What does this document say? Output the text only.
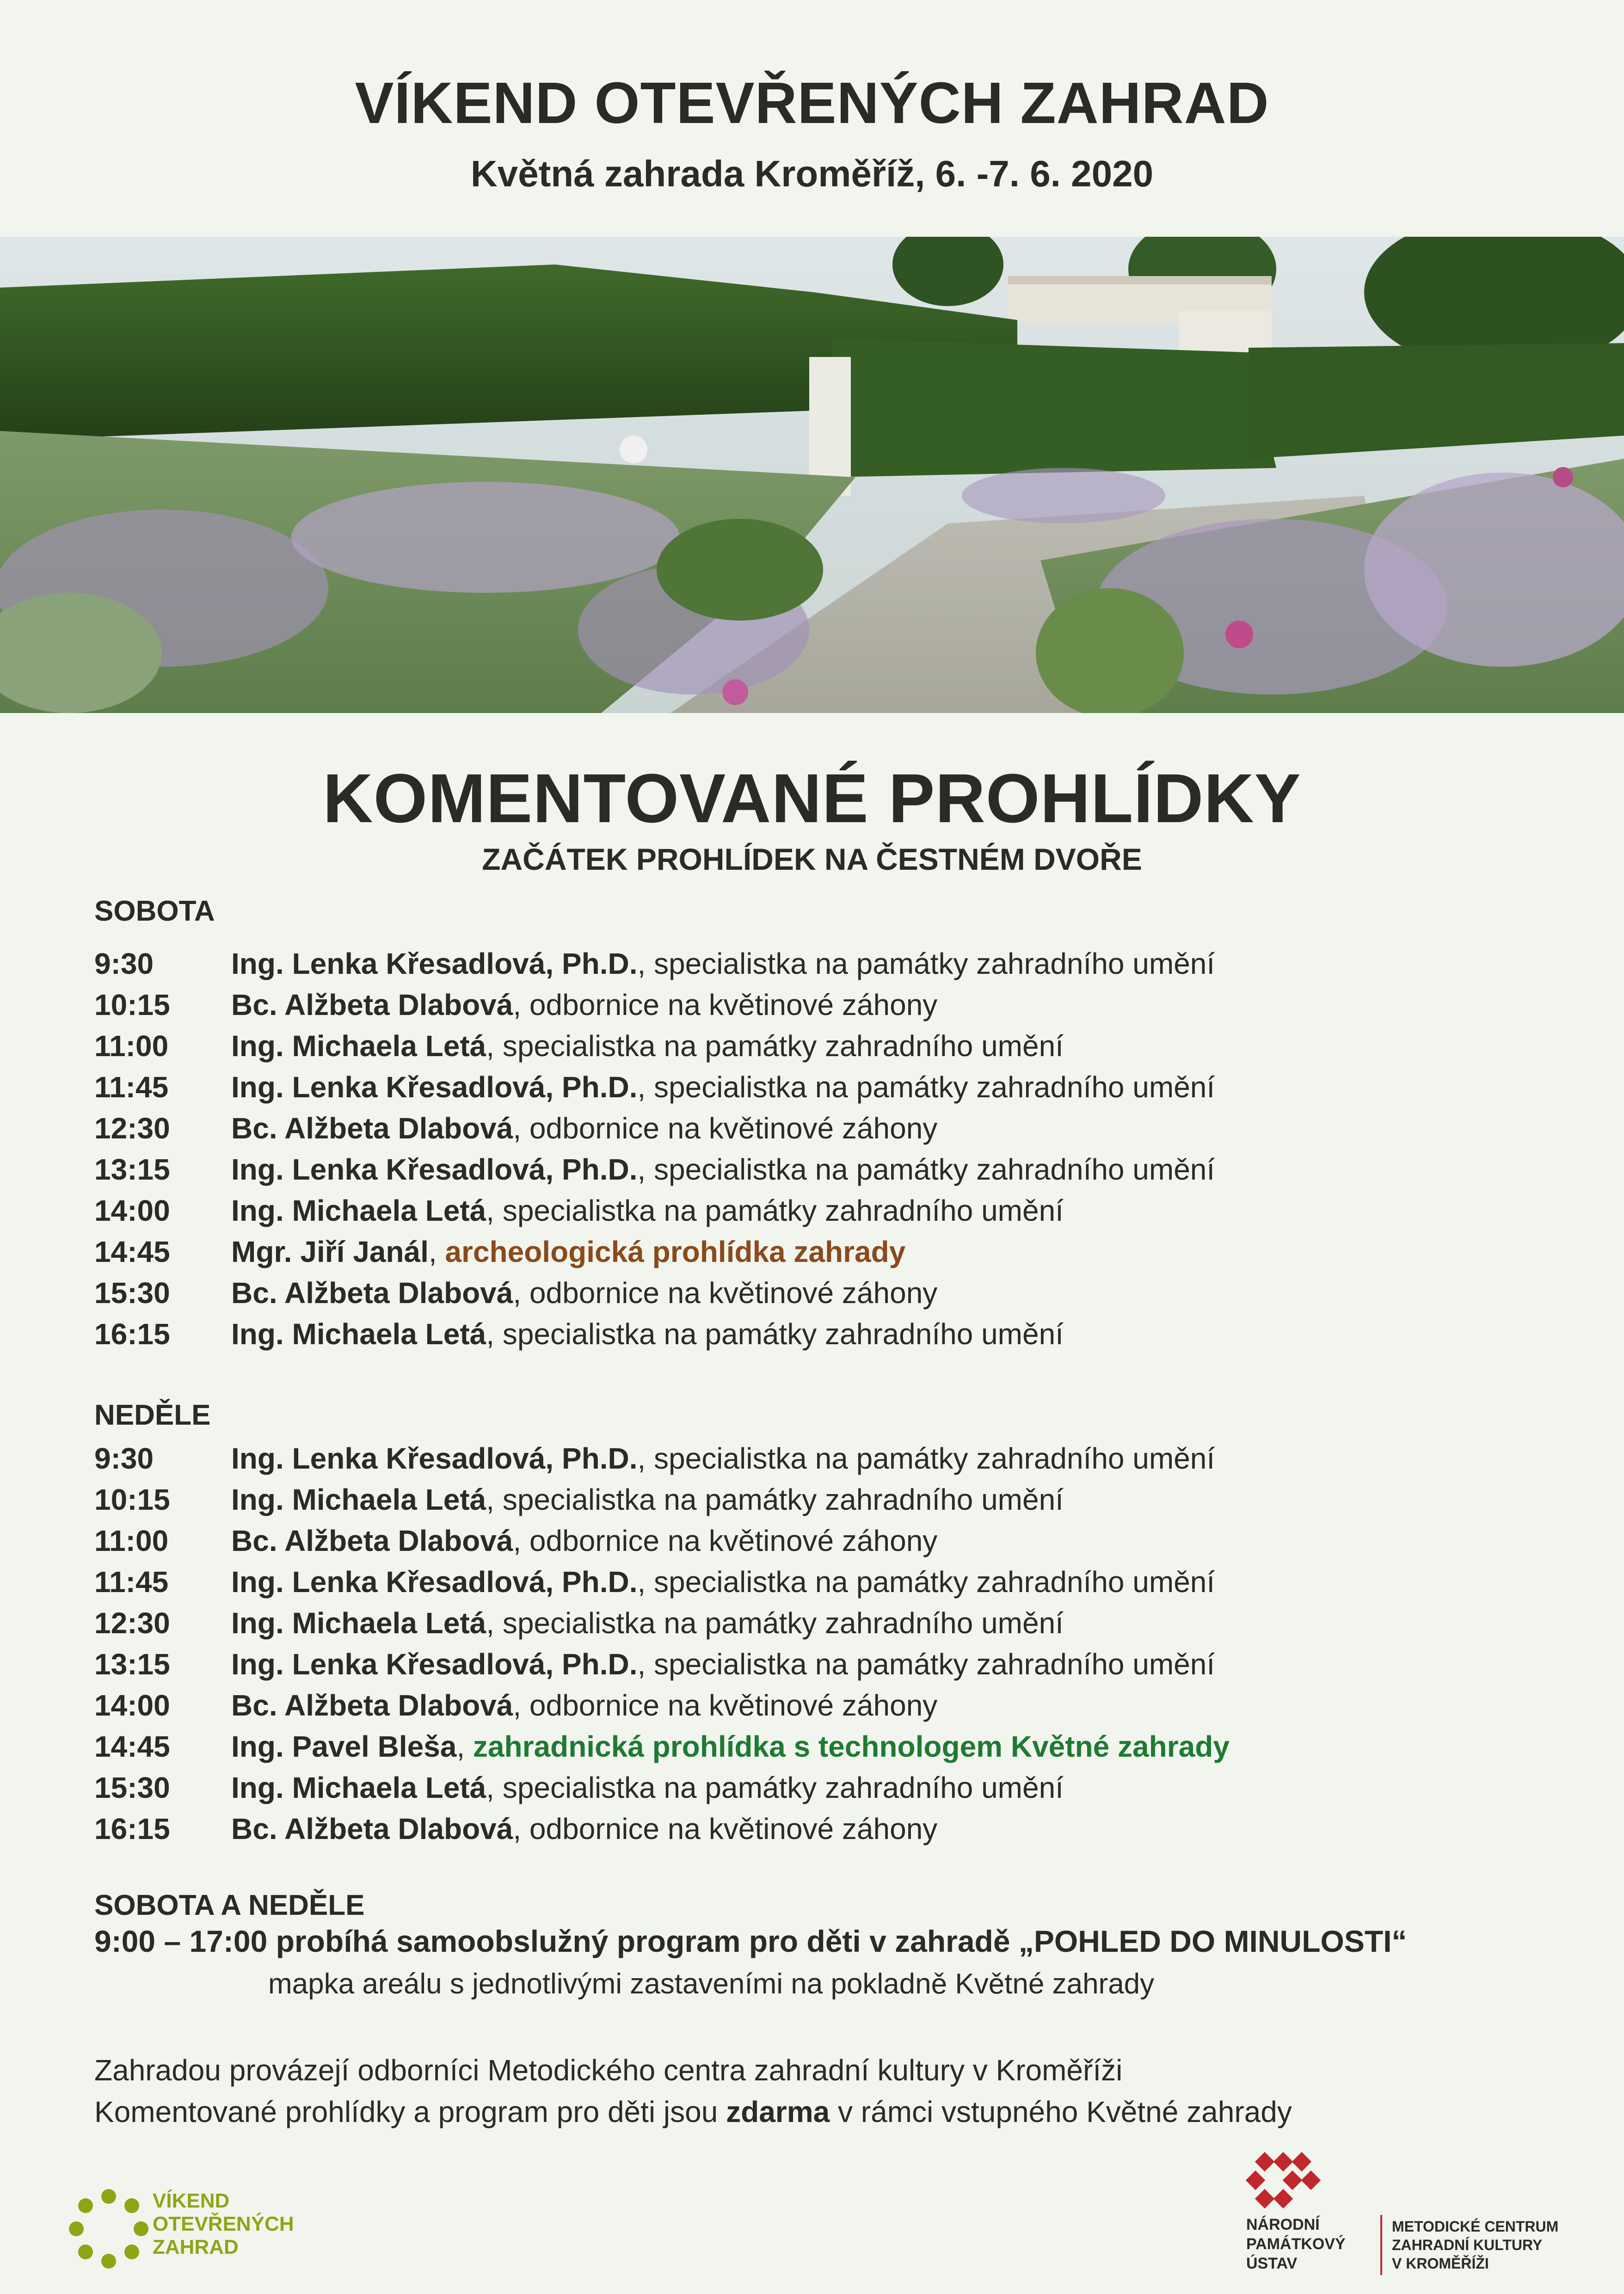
VÍKEND OTEVŘENÝCH ZAHRAD
Květná zahrada Kroměříž, 6. -7. 6. 2020
KOMENTOVANÉ PROHLÍDKY
ZAČÁTEK PROHLÍDEK NA ČESTNÉM DVOŘE
SOBOTA
9:30	Ing. Lenka Křesadlová, Ph.D., specialistka na památky zahradního umění
10:15	Bc. Alžbeta Dlabová, odbornice na květinové záhony
11:00	Ing. Michaela Letá, specialistka na památky zahradního umění
11:45	Ing. Lenka Křesadlová, Ph.D., specialistka na památky zahradního umění
12:30	Bc. Alžbeta Dlabová, odbornice na květinové záhony
13:15	Ing. Lenka Křesadlová, Ph.D., specialistka na památky zahradního umění
14:00	Ing. Michaela Letá, specialistka na památky zahradního umění
14:45	Mgr. Jiří Janál, archeologická prohlídka zahrady
15:30	Bc. Alžbeta Dlabová, odbornice na květinové záhony
16:15	Ing. Michaela Letá, specialistka na památky zahradního umění
NEDĚLE
9:30	Ing. Lenka Křesadlová, Ph.D., specialistka na památky zahradního umění
10:15	Ing. Michaela Letá, specialistka na památky zahradního umění
11:00	Bc. Alžbeta Dlabová, odbornice na květinové záhony
11:45	Ing. Lenka Křesadlová, Ph.D., specialistka na památky zahradního umění
12:30	Ing. Michaela Letá, specialistka na památky zahradního umění
13:15	Ing. Lenka Křesadlová, Ph.D., specialistka na památky zahradního umění
14:00	Bc. Alžbeta Dlabová, odbornice na květinové záhony
14:45	Ing. Pavel Bleša, zahradnická prohlídka s technologem Květné zahrady
15:30	Ing. Michaela Letá, specialistka na památky zahradního umění
16:15	Bc. Alžbeta Dlabová, odbornice na květinové záhony
SOBOTA A NEDĚLE
9:00 – 17:00 probíhá samoobslužný program pro děti v zahradě „POHLED DO MINULOSTI“
mapka areálu s jednotlivými zastaveními na pokladně Květné zahrady
Zahradou provázejí odborníci Metodického centra zahradní kultury v Kroměříži
Komentované prohlídky a program pro děti jsou zdarma v rámci vstupného Květné zahrady
VÍKEND
OTEVŘENÝCH
ZAHRAD
NÁRODNÍ
PAMÁTKOVÝ
ÚSTAV
METODICKÉ CENTRUM
ZAHRADNÍ KULTURY
V KROMĚŘÍŽI
